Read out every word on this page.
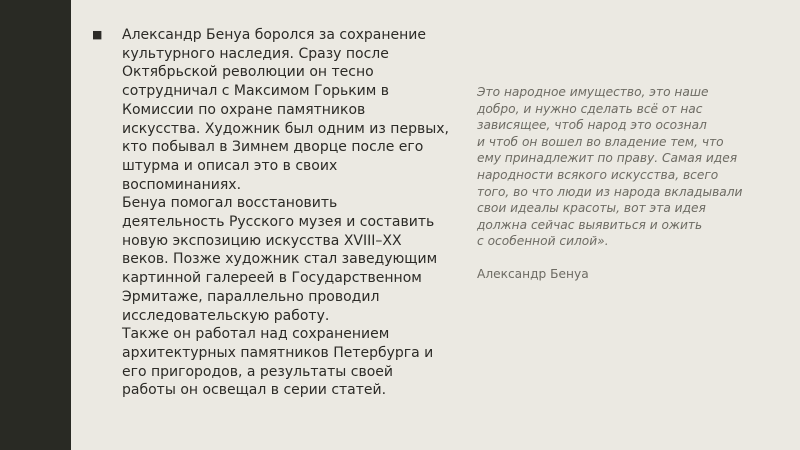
■ Александр Бенуа боролся за сохранение
культурного наследия. Сразу после
Октябрьской революции он тесно
сотрудничал с Максимом Горьким в
Комиссии по охране памятников
искусства. Художник был одним из первых,
кто побывал в Зимнем дворце после его
штурма и описал это в своих
воспоминаниях.
Бенуа помогал восстановить
деятельность Русского музея и составить
новую экспозицию искусства XVIII–XX
веков. Позже художник стал заведующим
картинной галереей в Государственном
Эрмитаже, параллельно проводил
исследовательскую работу.
Также он работал над сохранением
архитектурных памятников Петербурга и
его пригородов, а результаты своей
работы он освещал в серии статей.

Это народное имущество, это наше
добро, и нужно сделать всё от нас
зависящее, чтоб народ это осознал
и чтоб он вошел во владение тем, что
ему принадлежит по праву. Самая идея
народности всякого искусства, всего
того, во что люди из народа вкладывали
свои идеалы красоты, вот эта идея
должна сейчас выявиться и ожить
с особенной силой».

Александр Бенуа
